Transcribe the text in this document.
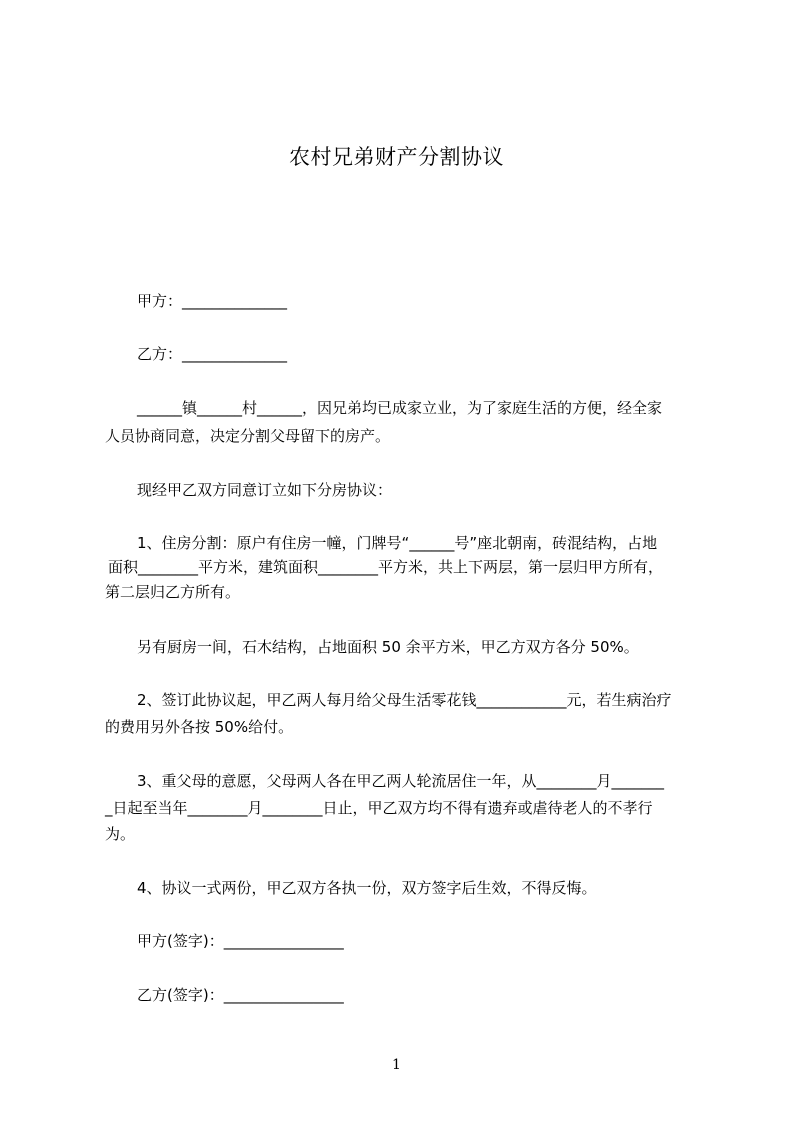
农村兄弟财产分割协议
甲方：______________
乙方：______________
______镇______村______，因兄弟均已成家立业，为了家庭生活的方便，经全家
人员协商同意，决定分割父母留下的房产。
现经甲乙双方同意订立如下分房协议：
1、住房分割：原户有住房一幢，门牌号“______号”座北朝南，砖混结构，占地
面积________平方米，建筑面积________平方米，共上下两层，第一层归甲方所有，
第二层归乙方所有。
另有厨房一间，石木结构，占地面积 50 余平方米，甲乙方双方各分 50%。
2、签订此协议起，甲乙两人每月给父母生活零花钱____________元，若生病治疗
的费用另外各按 50%给付。
3、重父母的意愿，父母两人各在甲乙两人轮流居住一年，从________月_______
_日起至当年________月________日止，甲乙双方均不得有遗弃或虐待老人的不孝行
为。
4、协议一式两份，甲乙双方各执一份，双方签字后生效，不得反悔。
甲方(签字)：________________
乙方(签字)：________________
1
